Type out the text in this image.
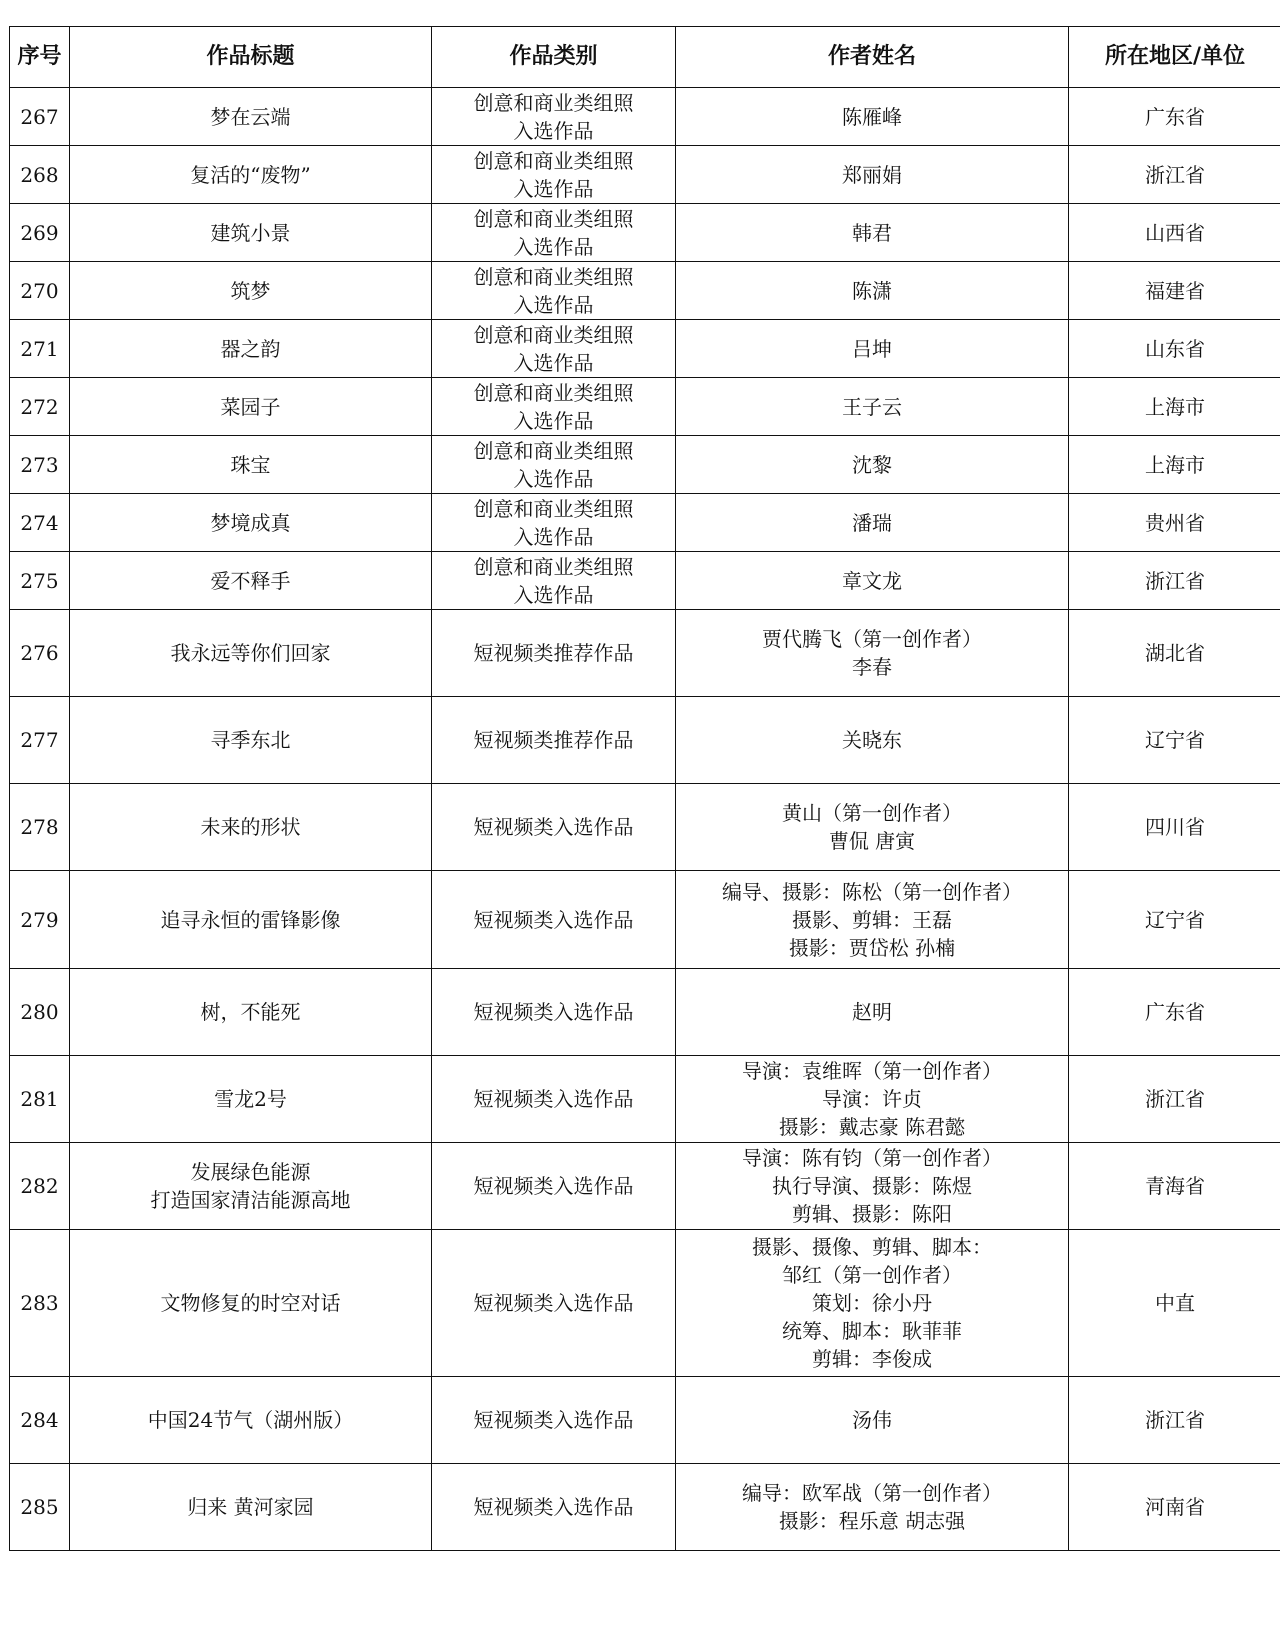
序号	作品标题	作品类别	作者姓名	所在地区/单位
267	梦在云端	创意和商业类组照
入选作品	陈雁峰	广东省
268	复活的“废物”	创意和商业类组照
入选作品	郑丽娟	浙江省
269	建筑小景	创意和商业类组照
入选作品	韩君	山西省
270	筑梦	创意和商业类组照
入选作品	陈潇	福建省
271	器之韵	创意和商业类组照
入选作品	吕坤	山东省
272	菜园子	创意和商业类组照
入选作品	王子云	上海市
273	珠宝	创意和商业类组照
入选作品	沈黎	上海市
274	梦境成真	创意和商业类组照
入选作品	潘瑞	贵州省
275	爱不释手	创意和商业类组照
入选作品	章文龙	浙江省
276	我永远等你们回家	短视频类推荐作品	贾代腾飞（第一创作者）
李春	湖北省
277	寻季东北	短视频类推荐作品	关晓东	辽宁省
278	未来的形状	短视频类入选作品	黄山（第一创作者）
曹侃 唐寅	四川省
279	追寻永恒的雷锋影像	短视频类入选作品	编导、摄影：陈松（第一创作者）
摄影、剪辑：王磊
摄影：贾岱松 孙楠	辽宁省
280	树，不能死	短视频类入选作品	赵明	广东省
281	雪龙2号	短视频类入选作品	导演：袁维晖（第一创作者）
导演：许贞
摄影：戴志豪 陈君懿	浙江省
282	发展绿色能源
打造国家清洁能源高地	短视频类入选作品	导演：陈有钧（第一创作者）
执行导演、摄影：陈煜
剪辑、摄影：陈阳	青海省
283	文物修复的时空对话	短视频类入选作品	摄影、摄像、剪辑、脚本：
邹红（第一创作者）
策划：徐小丹
统筹、脚本：耿菲菲
剪辑：李俊成	中直
284	中国24节气（湖州版）	短视频类入选作品	汤伟	浙江省
285	归来 黄河家园	短视频类入选作品	编导：欧军战（第一创作者）
摄影：程乐意 胡志强	河南省
